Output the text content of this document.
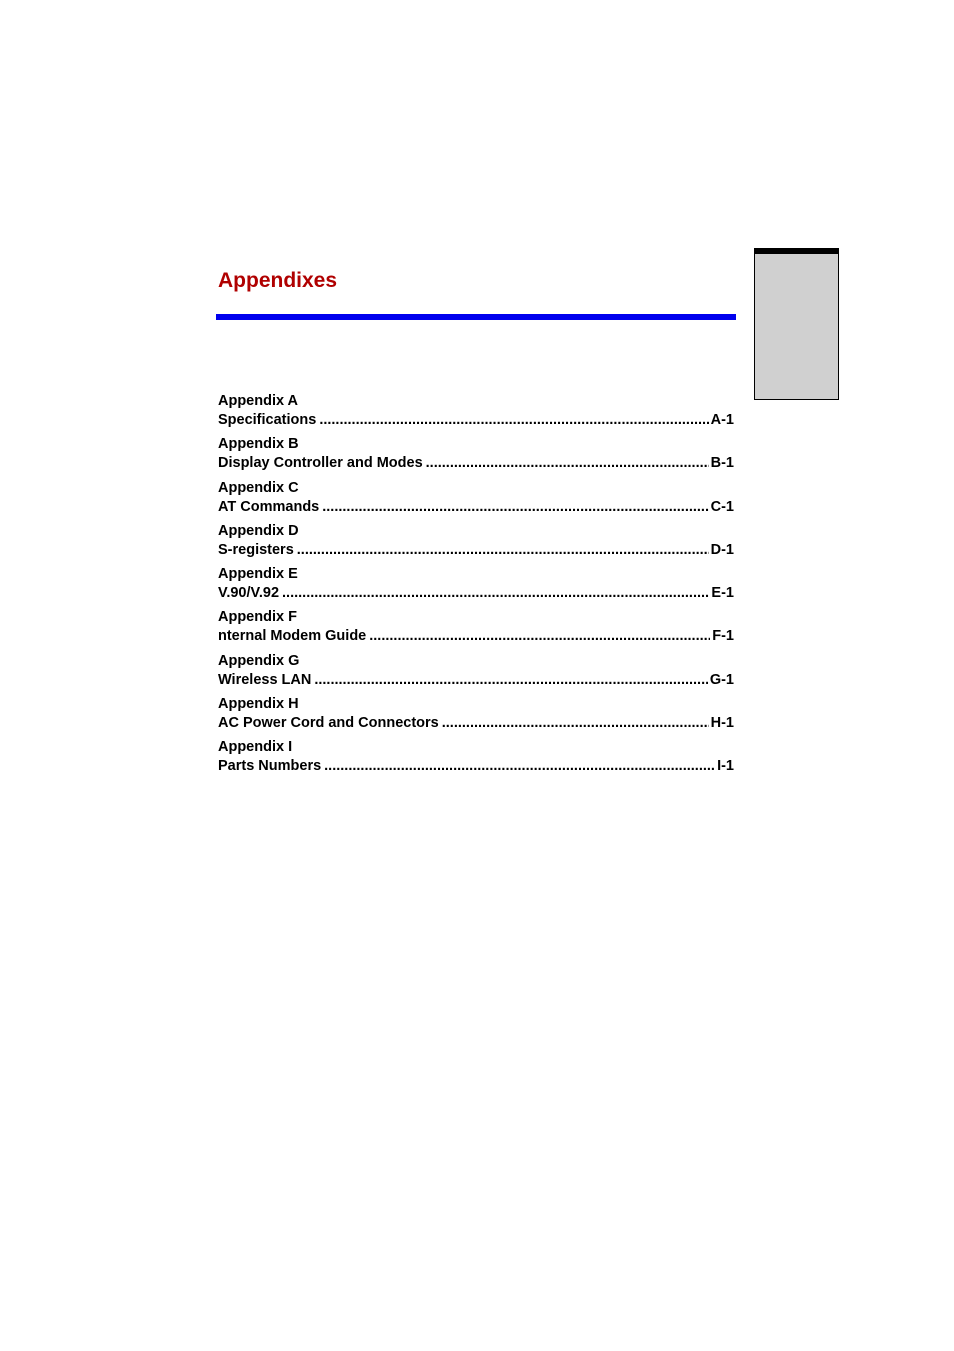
Appendixes
Appendix A
Specifications .....	A-1
Appendix B
Display Controller and Modes .....	B-1
Appendix C
AT Commands .....	C-1
Appendix D
S-registers .....	D-1
Appendix E
V.90/V.92 .....	E-1
Appendix F
nternal Modem Guide .....	F-1
Appendix G
Wireless LAN .....	G-1
Appendix H
AC Power Cord and Connectors .....	H-1
Appendix I
Parts Numbers .....	I-1
